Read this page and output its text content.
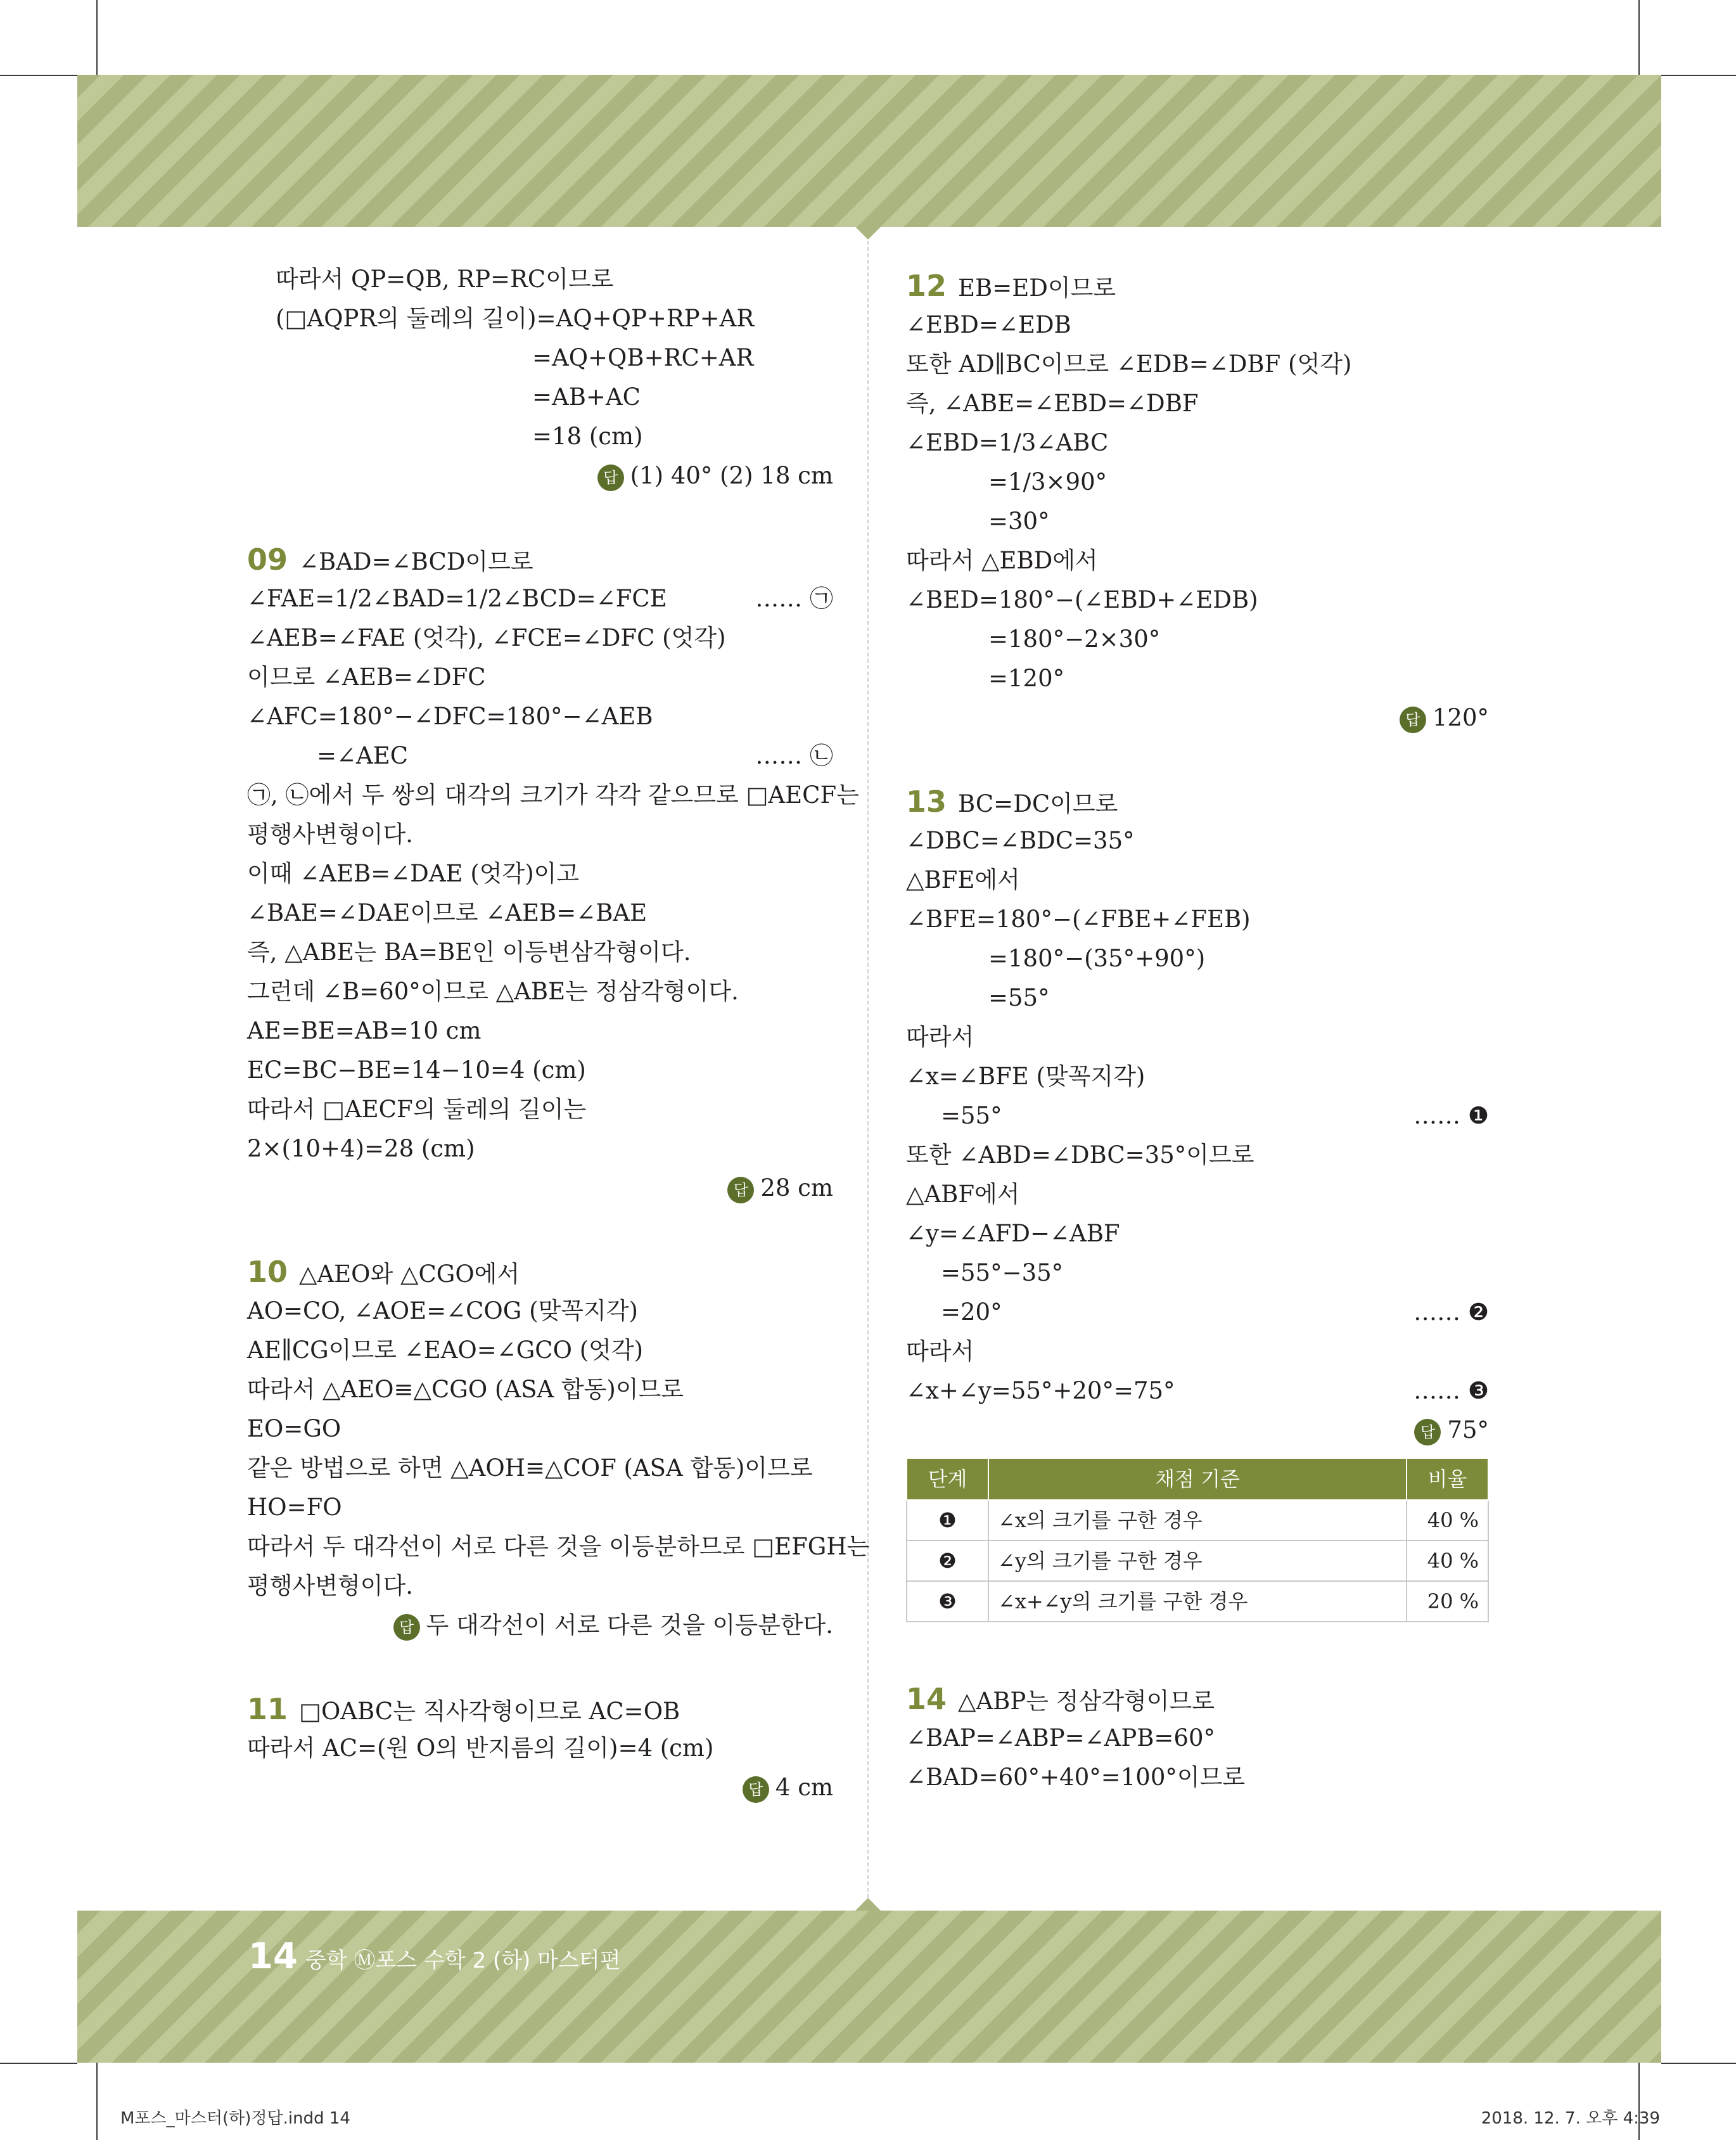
따라서 QP=QB, RP=RC이므로
(□AQPR의 둘레의 길이)=AQ+QP+RP+AR
=AQ+QB+RC+AR
=AB+AC
=18 (cm)
답 (1) 40° (2) 18 cm
09 ∠BAD=∠BCD이므로
∠FAE=1/2∠BAD=1/2∠BCD=∠FCE	…… ㉠
∠AEB=∠FAE (엇각), ∠FCE=∠DFC (엇각)
이므로 ∠AEB=∠DFC
∠AFC=180°−∠DFC=180°−∠AEB
=∠AEC	…… ㉡
㉠, ㉡에서 두 쌍의 대각의 크기가 각각 같으므로 □AECF는
평행사변형이다.
이때 ∠AEB=∠DAE (엇각)이고
∠BAE=∠DAE이므로 ∠AEB=∠BAE
즉, △ABE는 BA=BE인 이등변삼각형이다.
그런데 ∠B=60°이므로 △ABE는 정삼각형이다.
AE=BE=AB=10 cm
EC=BC−BE=14−10=4 (cm)
따라서 □AECF의 둘레의 길이는
2×(10+4)=28 (cm)
답 28 cm
10 △AEO와 △CGO에서
AO=CO, ∠AOE=∠COG (맞꼭지각)
AE∥CG이므로 ∠EAO=∠GCO (엇각)
따라서 △AEO≡△CGO (ASA 합동)이므로
EO=GO
같은 방법으로 하면 △AOH≡△COF (ASA 합동)이므로
HO=FO
따라서 두 대각선이 서로 다른 것을 이등분하므로 □EFGH는
평행사변형이다.
답 두 대각선이 서로 다른 것을 이등분한다.
11 □OABC는 직사각형이므로 AC=OB
따라서 AC=(원 O의 반지름의 길이)=4 (cm)
답 4 cm
12 EB=ED이므로
∠EBD=∠EDB
또한 AD∥BC이므로 ∠EDB=∠DBF (엇각)
즉, ∠ABE=∠EBD=∠DBF
∠EBD=1/3∠ABC
=1/3×90°
=30°
따라서 △EBD에서
∠BED=180°−(∠EBD+∠EDB)
=180°−2×30°
=120°
답 120°
13 BC=DC이므로
∠DBC=∠BDC=35°
△BFE에서
∠BFE=180°−(∠FBE+∠FEB)
=180°−(35°+90°)
=55°
따라서
∠x=∠BFE (맞꼭지각)
=55°	…… ❶
또한 ∠ABD=∠DBC=35°이므로
△ABF에서
∠y=∠AFD−∠ABF
=55°−35°
=20°	…… ❷
따라서
∠x+∠y=55°+20°=75°	…… ❸
답 75°
단계	채점 기준	비율
❶	∠x의 크기를 구한 경우	40 %
❷	∠y의 크기를 구한 경우	40 %
❸	∠x+∠y의 크기를 구한 경우	20 %
14 △ABP는 정삼각형이므로
∠BAP=∠ABP=∠APB=60°
∠BAD=60°+40°=100°이므로
14 중학 Ⓜ포스 수학 2 (하) 마스터편
M포스_마스터(하)정답.indd 14	2018. 12. 7. 오후 4:39
